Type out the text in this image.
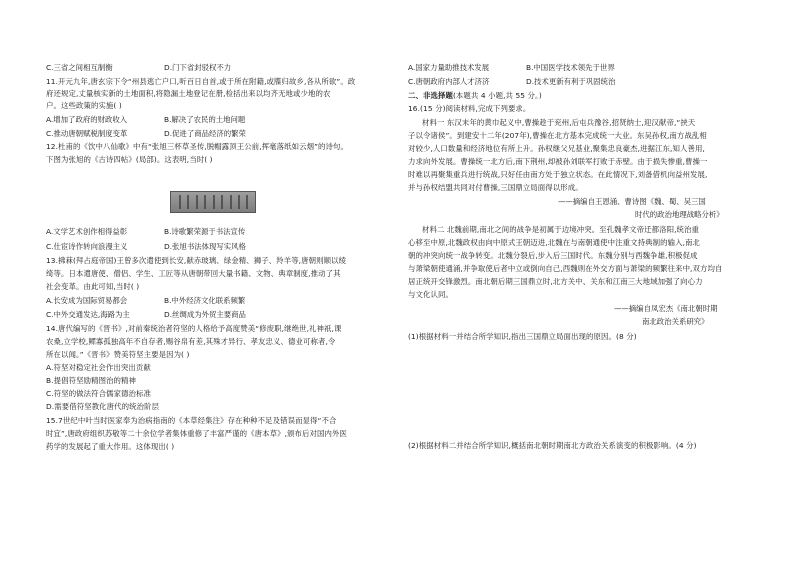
C.三省之间相互制衡	D.门下省封驳权不力
11.开元九年,唐玄宗下令“州县逃亡户口,听百日自首,或于所在附籍,或牒归故乡,各从所欲”。政
府还规定,丈量核实新的土地面积,将隐漏土地登记在册,检括出来以均齐无地或少地的农
户。这些政策的实施( )
A.增加了政府的财政收入	B.解决了农民的土地问题
C.推动唐朝赋税制度变革	D.促进了商品经济的繁荣
12.杜甫的《饮中八仙歌》中有“张旭三杯草圣传,脱帽露顶王公前,挥毫落纸如云烟”的诗句。
下图为张旭的《古诗四帖》(局部)。这表明,当时( )
A.文学艺术创作相得益彰	B.诗歌繁荣源于书法宣传
C.仕宦诗作转向浪漫主义	D.张旭书法体现写实风格
13.拂菻(拜占庭帝国)王曾多次遣使到长安,献赤玻璃、绿金精、狮子、羚羊等,唐朝则顺以绫
绮等。日本遣唐使、僧侣、学生、工匠等从唐朝带回大量书籍、文物、典章制度,推动了其
社会变革。由此可知,当时( )
A.长安成为国际贸易都会	B.中外经济文化联系频繁
C.中外交通发达,海路为主	D.丝绸成为外贸主要商品
14.唐代编写的《晋书》,对前秦统治者符坚的人格给予高度赞美“修废职,继绝世,礼神祇,课
农桑,立学校,鳏寡孤独高年不自存者,赐谷帛有差,其殊才异行、孝友忠义、德业可称者,令
所在以闻。”《晋书》赞美符坚主要是因为( )
A.符坚对稳定社会作出突出贡献
B.提倡符坚励精图治的精神
C.符坚的做法符合儒家德治标准
D.需要借符坚教化唐代的统治阶层
15.7世纪中叶当时医家奉为治病指南的《本草经集注》存在种种不足及错误而显得“不合
时宜”,唐政府组织苏敬等二十余位学者集体重修了丰富严谨的《唐本草》,颁布后对国内外医
药学的发展起了重大作用。这体现出( )
A.国家力量助推技术发展	B.中国医学技术领先于世界
C.唐朝政府内部人才济济	D.技术更新有利于巩固统治
二、非选择题(本题共 4 小题,共 55 分。)
16.(15 分)阅读材料,完成下列要求。
材料一 东汉末年的黄巾起义中,曹操趁于兖州,后屯兵豫谷,招贤纳士,迎汉献帝,“挟天
子以令诸侯”。到建安十二年(207年),曹操在北方基本完成统一大业。东吴孙权,南方战乱相
对较少,人口数量和经济地位有所上升。孙权继父兄基业,聚集忠良豪杰,进据江东,知人善用,
力求向外发展。曹操统一北方后,南下荆州,却被孙刘联军打败于赤壁。由于损失惨重,曹操一
时难以再聚集重兵进行统战,只好任由南方处于独立状态。在此情况下,刘备借机向益州发展,
并与孙权结盟共同对付曹操,三国鼎立局面得以形成。
——摘编自王恩涌、曹诗图《魏、蜀、吴三国
时代的政治地理战略分析》
材料二 北魏前期,南北之间的战争是初属于边境冲突。至孔魏孝文帝迁都洛阳,统治重
心移至中原,北魏政权由向中原式王朝迈进,北魏在与南朝通使中注重文持典制的输入,南北
朝的冲突向统一战争转变。北魏分裂后,步入后三国时代。东魏分别与西魏争雄,积极促成
与萧梁朝使通涌,并争取使后者中立或倒向自己,西魏则在外交方面与萧梁的频繁往来中,双方均自
居正统开交锋激烈。南北朝后期三国鼎立时,北方关中、关东和江南三大地域加强了向心力
与文化认同。
——摘编自凤宏杰《南北朝时期
南北政治关系研究》
(1)根据材料一并结合所学知识,指出三国鼎立局面出现的原因。(8 分)
(2)根据材料二并结合所学知识,概括南北朝时期南北方政治关系演变的积极影响。(4 分)
